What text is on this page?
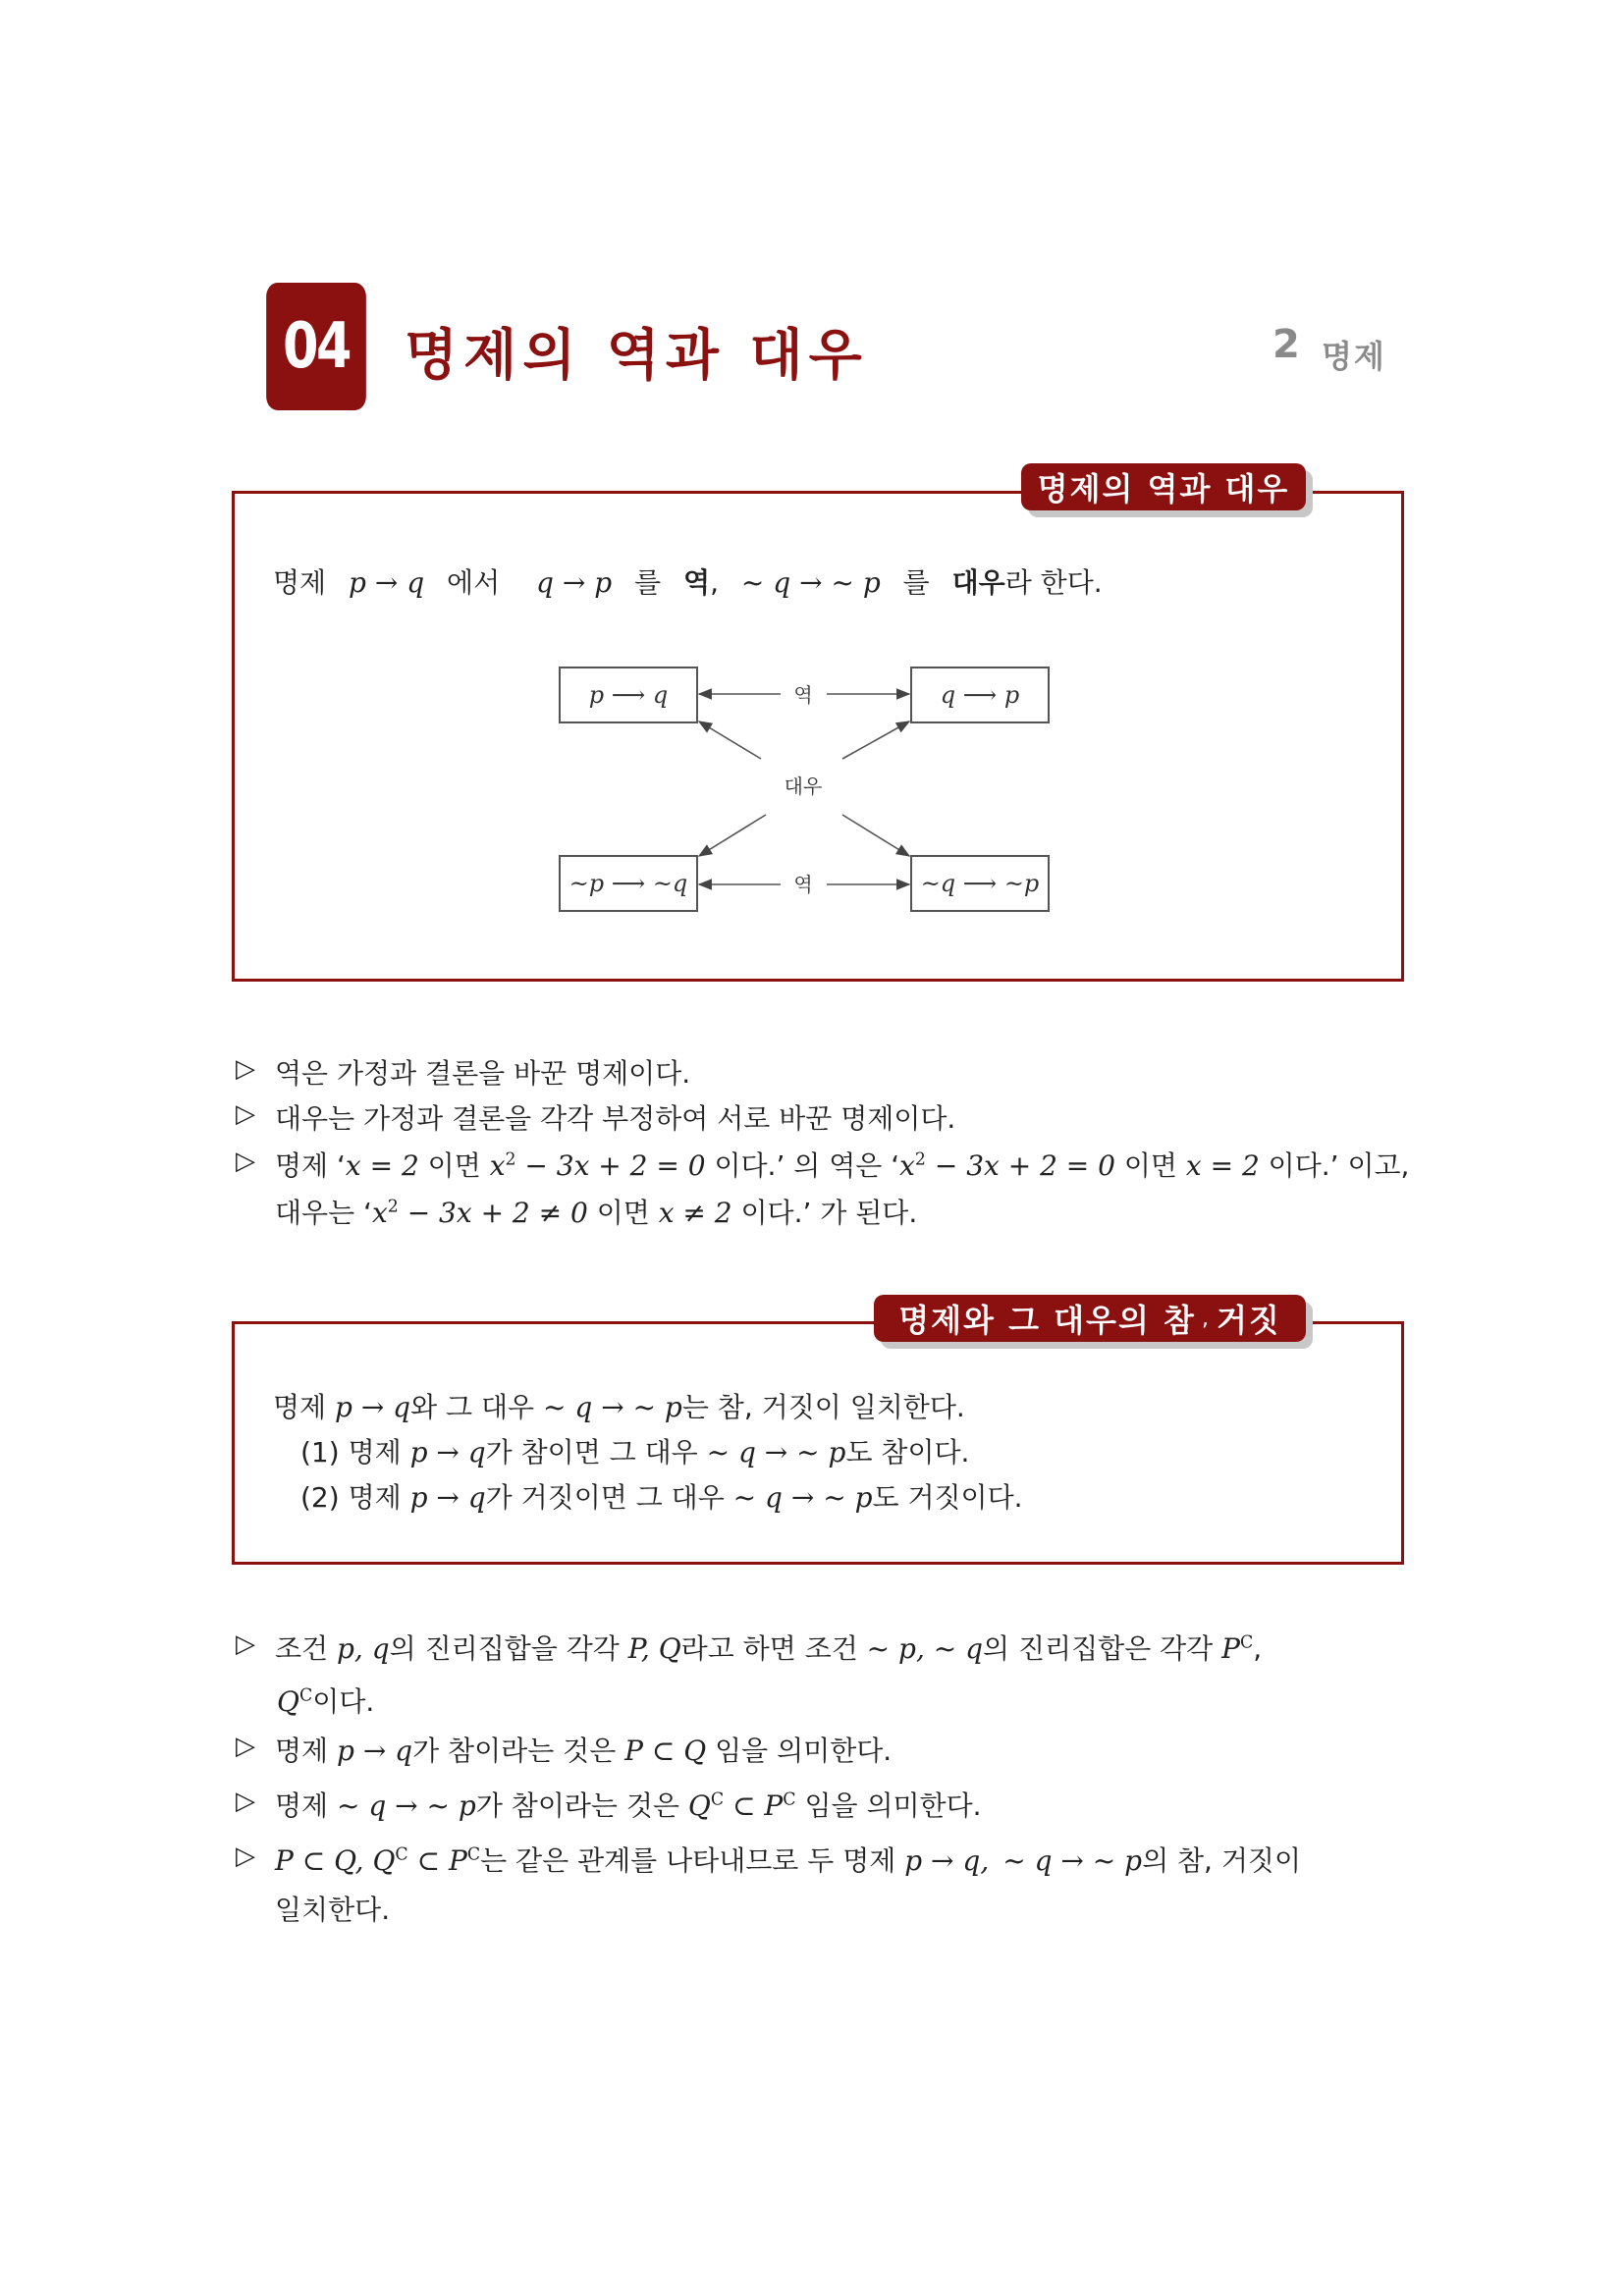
04 명제의 역과 대우	2 명제
명제의 역과 대우
명제 p → q 에서 q → p 를 역, ~ q → ~ p 를 대우라 한다.
p ⟶ q	q ⟶ p
~p ⟶ ~q	~q ⟶ ~p
역
역
대우
▷ 역은 가정과 결론을 바꾼 명제이다.
▷ 대우는 가정과 결론을 각각 부정하여 서로 바꾼 명제이다.
▷ 명제 ‘x = 2 이면 $x^2 - 3x + 2 = 0$ 이다.’ 의 역은 ‘$x^2 - 3x + 2 = 0$ 이면 x = 2 이다.’ 이고,
대우는 ‘$x^2 - 3x + 2 \ne 0$ 이면 x ≠ 2 이다.’ 가 된다.
명제와 그 대우의 참 , 거짓
명제 p → q와 그 대우 ~ q → ~ p는 참, 거짓이 일치한다.
(1) 명제 p → q가 참이면 그 대우 ~ q → ~ p도 참이다.
(2) 명제 p → q가 거짓이면 그 대우 ~ q → ~ p도 거짓이다.
▷ 조건 p, q의 진리집합을 각각 P, Q라고 하면 조건 ~ p, ~ q의 진리집합은 각각 $P^C$,
$Q^C$이다.
▷ 명제 p → q가 참이라는 것은 P ⊂ Q 임을 의미한다.
▷ 명제 ~ q → ~ p가 참이라는 것은 $Q^C$ ⊂ $P^C$ 임을 의미한다.
▷ P ⊂ Q, $Q^C$ ⊂ $P^C$는 같은 관계를 나타내므로 두 명제 p → q, ~ q → ~ p의 참, 거짓이
일치한다.
